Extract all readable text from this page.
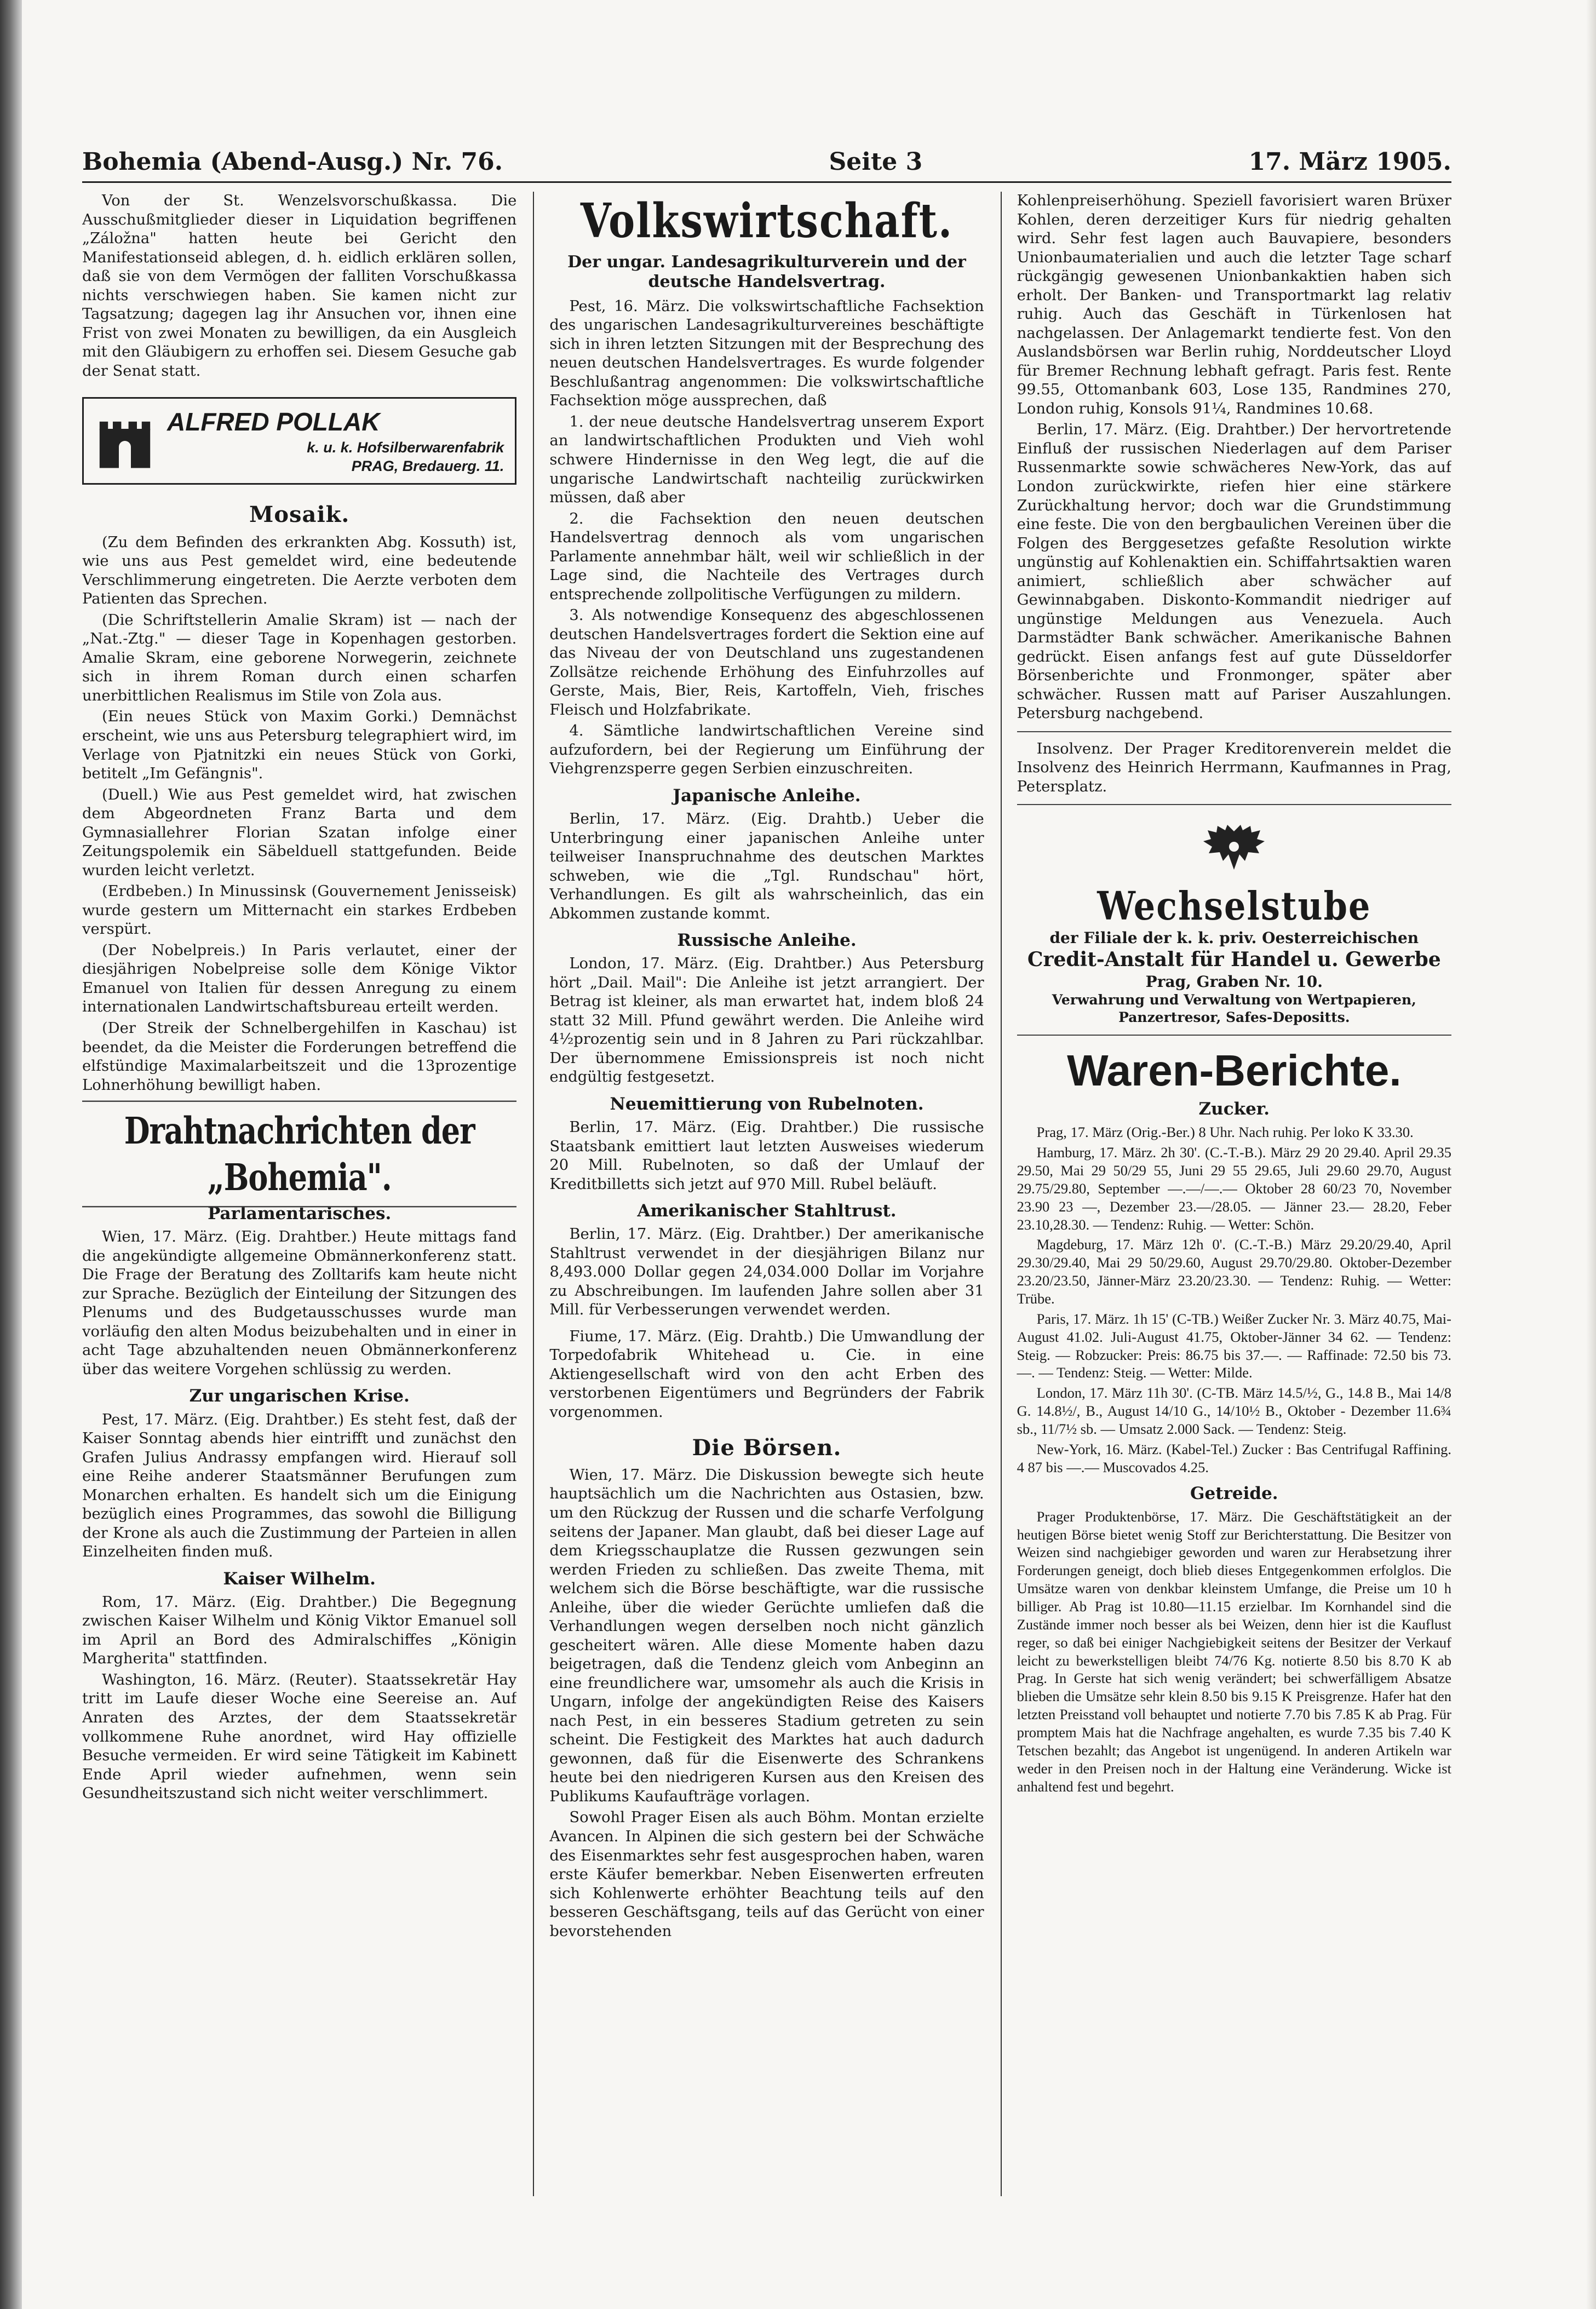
Bohemia (Abend-Ausg.) Nr. 76.	Seite 3	17. März 1905.

Von der St. Wenzelsvorschußkassa. Die Ausschußmitglieder dieser in Liquidation begriffenen „Záložna" hatten heute bei Gericht den Manifestationseid ablegen, d. h. eidlich erklären sollen, daß sie von dem Vermögen der falliten Vorschußkassa nichts verschwiegen haben. Sie kamen nicht zur Tagsatzung; dagegen lag ihr Ansuchen vor, ihnen eine Frist von zwei Monaten zu bewilligen, da ein Ausgleich mit den Gläubigern zu erhoffen sei. Diesem Gesuche gab der Senat statt.

ALFRED POLLAK
k. u. k. Hofsilberwarenfabrik
PRAG, Bredauerg. 11.
Mosaik.

(Zu dem Befinden des erkrankten Abg. Kossuth) ist, wie uns aus Pest gemeldet wird, eine bedeutende Verschlimmerung eingetreten. Die Aerzte verboten dem Patienten das Sprechen.

(Die Schriftstellerin Amalie Skram) ist — nach der „Nat.-Ztg." — dieser Tage in Kopenhagen gestorben. Amalie Skram, eine geborene Norwegerin, zeichnete sich in ihrem Roman durch einen scharfen unerbittlichen Realismus im Stile von Zola aus.

(Ein neues Stück von Maxim Gorki.) Demnächst erscheint, wie uns aus Petersburg telegraphiert wird, im Verlage von Pjatnitzki ein neues Stück von Gorki, betitelt „Im Gefängnis".

(Duell.) Wie aus Pest gemeldet wird, hat zwischen dem Abgeordneten Franz Barta und dem Gymnasiallehrer Florian Szatan infolge einer Zeitungspolemik ein Säbelduell stattgefunden. Beide wurden leicht verletzt.

(Erdbeben.) In Minussinsk (Gouvernement Jenisseisk) wurde gestern um Mitternacht ein starkes Erdbeben verspürt.

(Der Nobelpreis.) In Paris verlautet, einer der diesjährigen Nobelpreise solle dem Könige Viktor Emanuel von Italien für dessen Anregung zu einem internationalen Landwirtschaftsbureau erteilt werden.

(Der Streik der Schnelbergehilfen in Kaschau) ist beendet, da die Meister die Forderungen betreffend die elfstündige Maximalarbeitszeit und die 13prozentige Lohnerhöhung bewilligt haben.

Drahtnachrichten der „Bohemia".
Parlamentarisches.

Wien, 17. März. (Eig. Drahtber.) Heute mittags fand die angekündigte allgemeine Obmännerkonferenz statt. Die Frage der Beratung des Zolltarifs kam heute nicht zur Sprache. Bezüglich der Einteilung der Sitzungen des Plenums und des Budgetausschusses wurde man vorläufig den alten Modus beizubehalten und in einer in acht Tage abzuhaltenden neuen Obmännerkonferenz über das weitere Vorgehen schlüssig zu werden.

Zur ungarischen Krise.

Pest, 17. März. (Eig. Drahtber.) Es steht fest, daß der Kaiser Sonntag abends hier eintrifft und zunächst den Grafen Julius Andrassy empfangen wird. Hierauf soll eine Reihe anderer Staatsmänner Berufungen zum Monarchen erhalten. Es handelt sich um die Einigung bezüglich eines Programmes, das sowohl die Billigung der Krone als auch die Zustimmung der Parteien in allen Einzelheiten finden muß.

Kaiser Wilhelm.

Rom, 17. März. (Eig. Drahtber.) Die Begegnung zwischen Kaiser Wilhelm und König Viktor Emanuel soll im April an Bord des Admiralschiffes „Königin Margherita" stattfinden.

Washington, 16. März. (Reuter). Staatssekretär Hay tritt im Laufe dieser Woche eine Seereise an. Auf Anraten des Arztes, der dem Staatssekretär vollkommene Ruhe anordnet, wird Hay offizielle Besuche vermeiden. Er wird seine Tätigkeit im Kabinett Ende April wieder aufnehmen, wenn sein Gesundheitszustand sich nicht weiter verschlimmert.

Volkswirtschaft.
Der ungar. Landesagrikulturverein und der deutsche Handelsvertrag.

Pest, 16. März. Die volkswirtschaftliche Fachsektion des ungarischen Landesagrikulturvereines beschäftigte sich in ihren letzten Sitzungen mit der Besprechung des neuen deutschen Handelsvertrages. Es wurde folgender Beschlußantrag angenommen: Die volkswirtschaftliche Fachsektion möge aussprechen, daß

1. der neue deutsche Handelsvertrag unserem Export an landwirtschaftlichen Produkten und Vieh wohl schwere Hindernisse in den Weg legt, die auf die ungarische Landwirtschaft nachteilig zurückwirken müssen, daß aber

2. die Fachsektion den neuen deutschen Handelsvertrag dennoch als vom ungarischen Parlamente annehmbar hält, weil wir schließlich in der Lage sind, die Nachteile des Vertrages durch entsprechende zollpolitische Verfügungen zu mildern.

3. Als notwendige Konsequenz des abgeschlossenen deutschen Handelsvertrages fordert die Sektion eine auf das Niveau der von Deutschland uns zugestandenen Zollsätze reichende Erhöhung des Einfuhrzolles auf Gerste, Mais, Bier, Reis, Kartoffeln, Vieh, frisches Fleisch und Holzfabrikate.

4. Sämtliche landwirtschaftlichen Vereine sind aufzufordern, bei der Regierung um Einführung der Viehgrenzsperre gegen Serbien einzuschreiten.

Japanische Anleihe.

Berlin, 17. März. (Eig. Drahtb.) Ueber die Unterbringung einer japanischen Anleihe unter teilweiser Inanspruchnahme des deutschen Marktes schweben, wie die „Tgl. Rundschau" hört, Verhandlungen. Es gilt als wahrscheinlich, das ein Abkommen zustande kommt.

Russische Anleihe.

London, 17. März. (Eig. Drahtber.) Aus Petersburg hört „Dail. Mail": Die Anleihe ist jetzt arrangiert. Der Betrag ist kleiner, als man erwartet hat, indem bloß 24 statt 32 Mill. Pfund gewährt werden. Die Anleihe wird 4½prozentig sein und in 8 Jahren zu Pari rückzahlbar. Der übernommene Emissionspreis ist noch nicht endgültig festgesetzt.

Neuemittierung von Rubelnoten.

Berlin, 17. März. (Eig. Drahtber.) Die russische Staatsbank emittiert laut letzten Ausweises wiederum 20 Mill. Rubelnoten, so daß der Umlauf der Kreditbilletts sich jetzt auf 970 Mill. Rubel beläuft.

Amerikanischer Stahltrust.

Berlin, 17. März. (Eig. Drahtber.) Der amerikanische Stahltrust verwendet in der diesjährigen Bilanz nur 8,493.000 Dollar gegen 24,034.000 Dollar im Vorjahre zu Abschreibungen. Im laufenden Jahre sollen aber 31 Mill. für Verbesserungen verwendet werden.

Fiume, 17. März. (Eig. Drahtb.) Die Umwandlung der Torpedofabrik Whitehead u. Cie. in eine Aktiengesellschaft wird von den acht Erben des verstorbenen Eigentümers und Begründers der Fabrik vorgenommen.

Die Börsen.

Wien, 17. März. Die Diskussion bewegte sich heute hauptsächlich um die Nachrichten aus Ostasien, bzw. um den Rückzug der Russen und die scharfe Verfolgung seitens der Japaner. Man glaubt, daß bei dieser Lage auf dem Kriegsschauplatze die Russen gezwungen sein werden Frieden zu schließen. Das zweite Thema, mit welchem sich die Börse beschäftigte, war die russische Anleihe, über die wieder Gerüchte umliefen daß die Verhandlungen wegen derselben noch nicht gänzlich gescheitert wären. Alle diese Momente haben dazu beigetragen, daß die Tendenz gleich vom Anbeginn an eine freundlichere war, umsomehr als auch die Krisis in Ungarn, infolge der angekündigten Reise des Kaisers nach Pest, in ein besseres Stadium getreten zu sein scheint. Die Festigkeit des Marktes hat auch dadurch gewonnen, daß für die Eisenwerte des Schrankens heute bei den niedrigeren Kursen aus den Kreisen des Publikums Kaufaufträge vorlagen.

Sowohl Prager Eisen als auch Böhm. Montan erzielte Avancen. In Alpinen die sich gestern bei der Schwäche des Eisenmarktes sehr fest ausgesprochen haben, waren erste Käufer bemerkbar. Neben Eisenwerten erfreuten sich Kohlenwerte erhöhter Beachtung teils auf den besseren Geschäftsgang, teils auf das Gerücht von einer bevorstehenden

Kohlenpreiserhöhung. Speziell favorisiert waren Brüxer Kohlen, deren derzeitiger Kurs für niedrig gehalten wird. Sehr fest lagen auch Bauvapiere, besonders Unionbaumaterialien und auch die letzter Tage scharf rückgängig gewesenen Unionbankaktien haben sich erholt. Der Banken- und Transportmarkt lag relativ ruhig. Auch das Geschäft in Türkenlosen hat nachgelassen. Der Anlagemarkt tendierte fest. Von den Auslandsbörsen war Berlin ruhig, Norddeutscher Lloyd für Bremer Rechnung lebhaft gefragt. Paris fest. Rente 99.55, Ottomanbank 603, Lose 135, Randmines 270, London ruhig, Konsols 91¼, Randmines 10.68.

Berlin, 17. März. (Eig. Drahtber.) Der hervortretende Einfluß der russischen Niederlagen auf dem Pariser Russenmarkte sowie schwächeres New-York, das auf London zurückwirkte, riefen hier eine stärkere Zurückhaltung hervor; doch war die Grundstimmung eine feste. Die von den bergbaulichen Vereinen über die Folgen des Berggesetzes gefaßte Resolution wirkte ungünstig auf Kohlenaktien ein. Schiffahrtsaktien waren animiert, schließlich aber schwächer auf Gewinnabgaben. Diskonto-Kommandit niedriger auf ungünstige Meldungen aus Venezuela. Auch Darmstädter Bank schwächer. Amerikanische Bahnen gedrückt. Eisen anfangs fest auf gute Düsseldorfer Börsenberichte und Fronmonger, später aber schwächer. Russen matt auf Pariser Auszahlungen. Petersburg nachgebend.

Insolvenz. Der Prager Kreditorenverein meldet die Insolvenz des Heinrich Herrmann, Kaufmannes in Prag, Petersplatz.

Wechselstube
der Filiale der k. k. priv. Oesterreichischen
Credit-Anstalt für Handel u. Gewerbe
Prag, Graben Nr. 10.
Verwahrung und Verwaltung von Wertpapieren, Panzertresor, Safes-Depositts.
Waren-Berichte.
Zucker.

Prag, 17. März (Orig.-Ber.) 8 Uhr. Nach ruhig. Per loko K 33.30.

Hamburg, 17. März. 2h 30'. (C.-T.-B.). März 29 20 29.40. April 29.35 29.50, Mai 29 50/29 55, Juni 29 55 29.65, Juli 29.60 29.70, August 29.75/29.80, September —.—/—.— Oktober 28 60/23 70, November 23.90 23 —, Dezember 23.—/28.05. — Jänner 23.— 28.20, Feber 23.10,28.30. — Tendenz: Ruhig. — Wetter: Schön.

Magdeburg, 17. März 12h 0'. (C.-T.-B.) März 29.20/29.40, April 29.30/29.40, Mai 29 50/29.60, August 29.70/29.80. Oktober-Dezember 23.20/23.50, Jänner-März 23.20/23.30. — Tendenz: Ruhig. — Wetter: Trübe.

Paris, 17. März. 1h 15' (C-TB.) Weißer Zucker Nr. 3. März 40.75, Mai-August 41.02. Juli-August 41.75, Oktober-Jänner 34 62. — Tendenz: Steig. — Robzucker: Preis: 86.75 bis 37.—. — Raffinade: 72.50 bis 73.—. — Tendenz: Steig. — Wetter: Milde.

London, 17. März 11h 30'. (C-TB. März 14.5/½, G., 14.8 B., Mai 14/8 G. 14.8½/, B., August 14/10 G., 14/10½ B., Oktober - Dezember 11.6¾ sb., 11/7½ sb. — Umsatz 2.000 Sack. — Tendenz: Steig.

New-York, 16. März. (Kabel-Tel.) Zucker : Bas Centrifugal Raffining. 4 87 bis —.— Muscovados 4.25.

Getreide.

Prager Produktenbörse, 17. März. Die Geschäftstätigkeit an der heutigen Börse bietet wenig Stoff zur Berichterstattung. Die Besitzer von Weizen sind nachgiebiger geworden und waren zur Herabsetzung ihrer Forderungen geneigt, doch blieb dieses Entgegenkommen erfolglos. Die Umsätze waren von denkbar kleinstem Umfange, die Preise um 10 h billiger. Ab Prag ist 10.80—11.15 erzielbar. Im Kornhandel sind die Zustände immer noch besser als bei Weizen, denn hier ist die Kauflust reger, so daß bei einiger Nachgiebigkeit seitens der Besitzer der Verkauf leicht zu bewerkstelligen bleibt 74/76 Kg. notierte 8.50 bis 8.70 K ab Prag. In Gerste hat sich wenig verändert; bei schwerfälligem Absatze blieben die Umsätze sehr klein 8.50 bis 9.15 K Preisgrenze. Hafer hat den letzten Preisstand voll behauptet und notierte 7.70 bis 7.85 K ab Prag. Für promptem Mais hat die Nachfrage angehalten, es wurde 7.35 bis 7.40 K Tetschen bezahlt; das Angebot ist ungenügend. In anderen Artikeln war weder in den Preisen noch in der Haltung eine Veränderung. Wicke ist anhaltend fest und begehrt.
